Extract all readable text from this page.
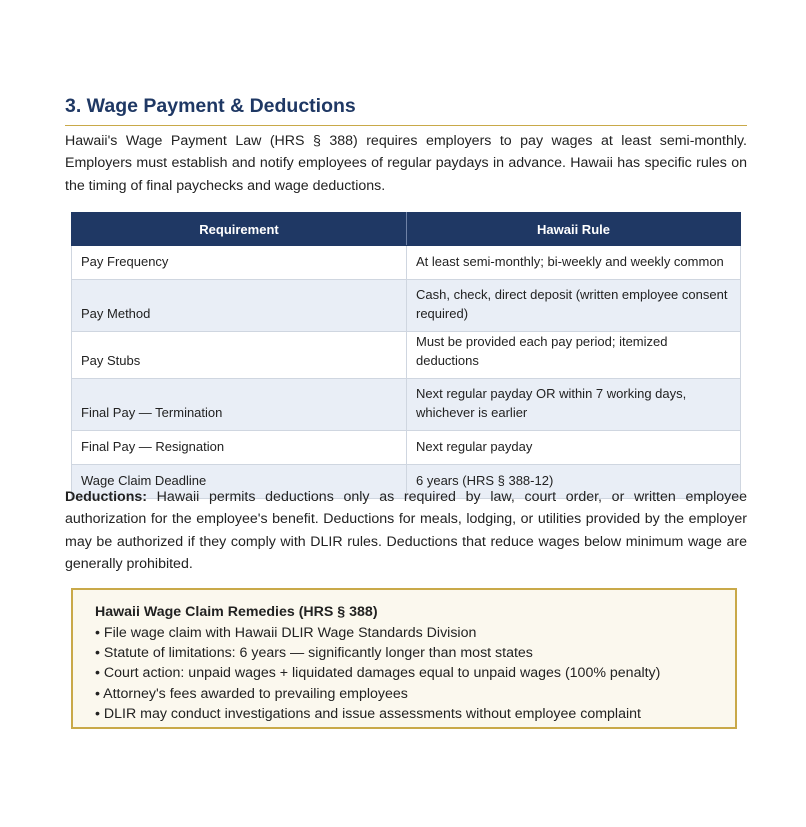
3. Wage Payment & Deductions

Hawaii's Wage Payment Law (HRS § 388) requires employers to pay wages at least semi-monthly. Employers must establish and notify employees of regular paydays in advance. Hawaii has specific rules on the timing of final paychecks and wage deductions.

Requirement	Hawaii Rule
Pay Frequency	At least semi-monthly; bi-weekly and weekly common
Pay Method	Cash, check, direct deposit (written employee consent required)
Pay Stubs	Must be provided each pay period; itemized deductions
Final Pay — Termination	Next regular payday OR within 7 working days, whichever is earlier
Final Pay — Resignation	Next regular payday
Wage Claim Deadline	6 years (HRS § 388-12)

Deductions: Hawaii permits deductions only as required by law, court order, or written employee authorization for the employee's benefit. Deductions for meals, lodging, or utilities provided by the employer may be authorized if they comply with DLIR rules. Deductions that reduce wages below minimum wage are generally prohibited.

Hawaii Wage Claim Remedies (HRS § 388)
• File wage claim with Hawaii DLIR Wage Standards Division
• Statute of limitations: 6 years — significantly longer than most states
• Court action: unpaid wages + liquidated damages equal to unpaid wages (100% penalty)
• Attorney's fees awarded to prevailing employees
• DLIR may conduct investigations and issue assessments without employee complaint
